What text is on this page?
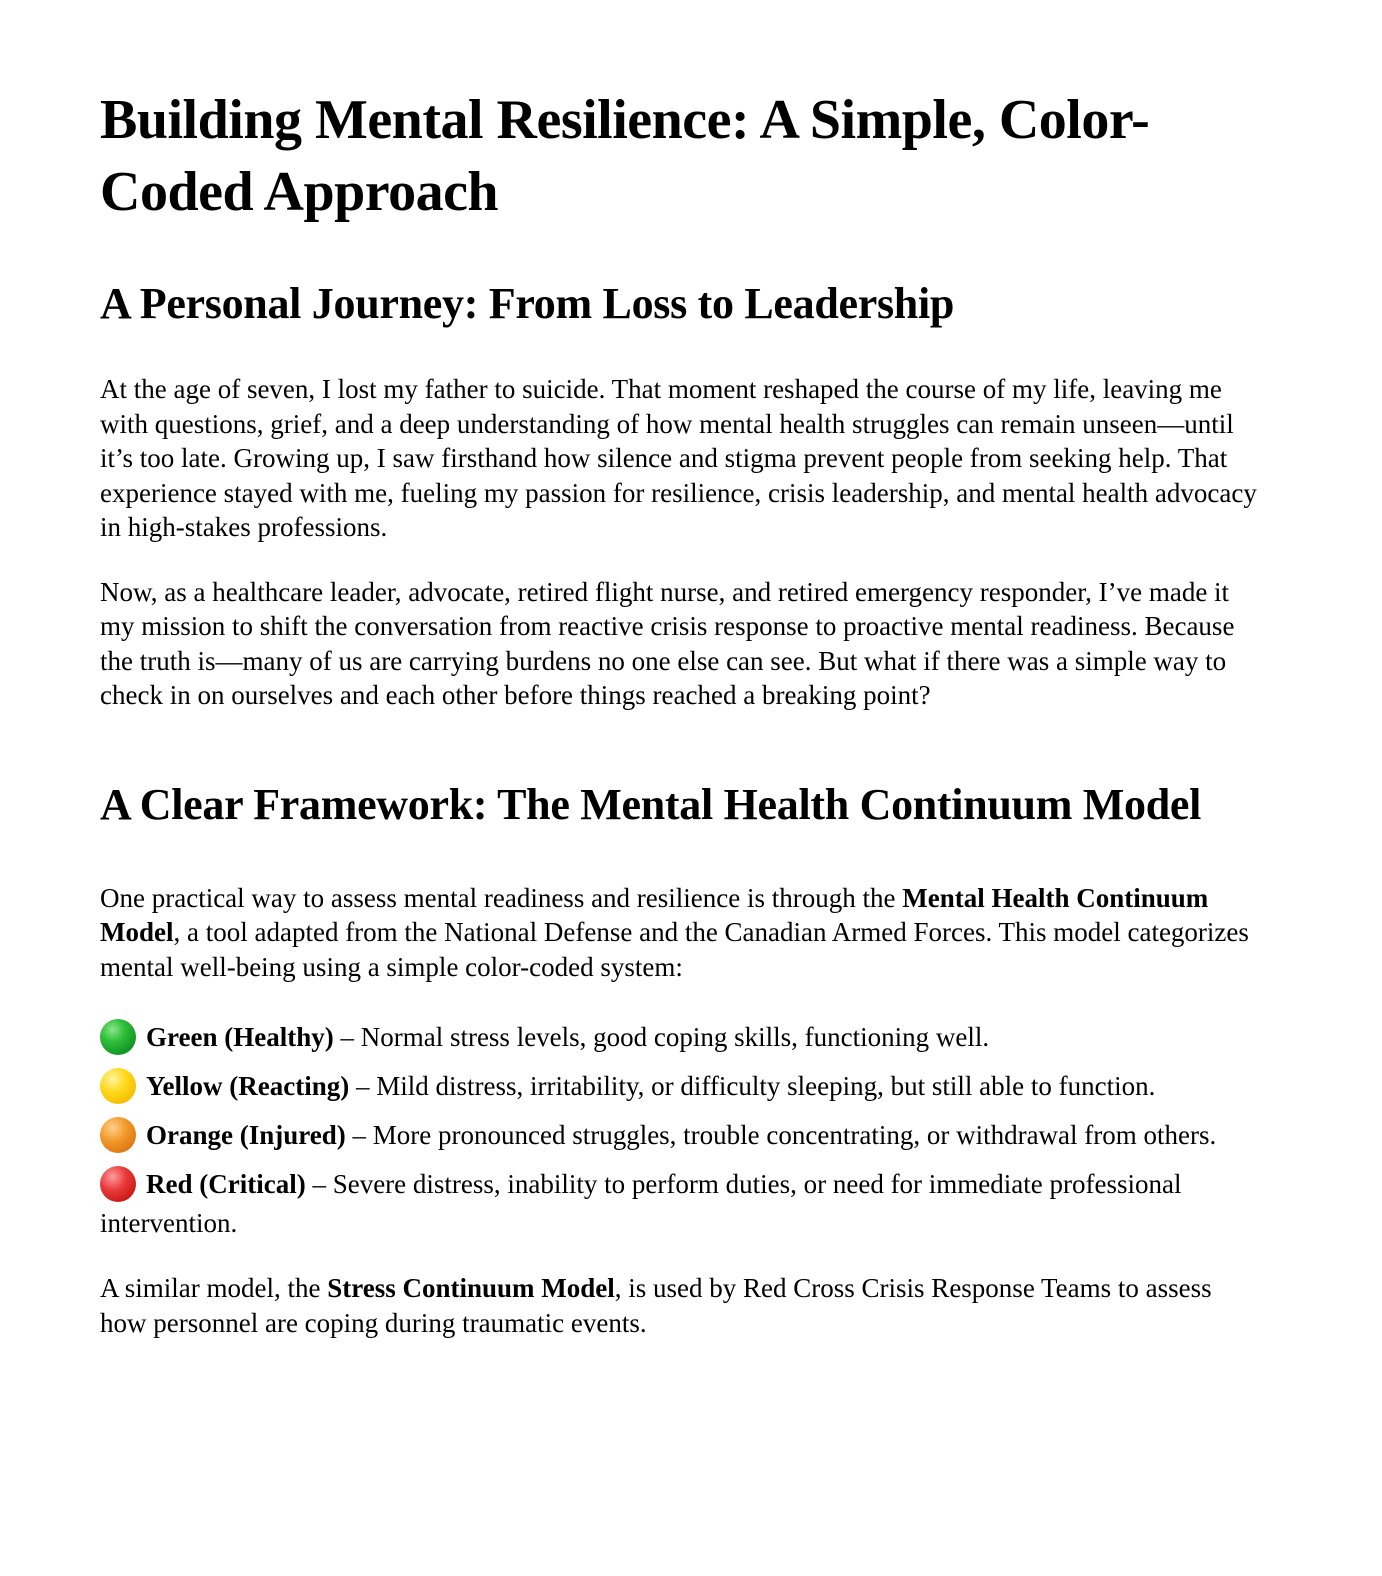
Building Mental Resilience: A Simple, Color-Coded Approach
A Personal Journey: From Loss to Leadership

At the age of seven, I lost my father to suicide. That moment reshaped the course of my life, leaving me with questions, grief, and a deep understanding of how mental health struggles can remain unseen—until it’s too late. Growing up, I saw firsthand how silence and stigma prevent people from seeking help. That experience stayed with me, fueling my passion for resilience, crisis leadership, and mental health advocacy in high-stakes professions.

Now, as a healthcare leader, advocate, retired flight nurse, and retired emergency responder, I’ve made it my mission to shift the conversation from reactive crisis response to proactive mental readiness. Because the truth is—many of us are carrying burdens no one else can see. But what if there was a simple way to check in on ourselves and each other before things reached a breaking point?

A Clear Framework: The Mental Health Continuum Model

One practical way to assess mental readiness and resilience is through the Mental Health Continuum Model, a tool adapted from the National Defense and the Canadian Armed Forces. This model categorizes mental well-being using a simple color-coded system:

Green (Healthy) – Normal stress levels, good coping skills, functioning well.
Yellow (Reacting) – Mild distress, irritability, or difficulty sleeping, but still able to function.
Orange (Injured) – More pronounced struggles, trouble concentrating, or withdrawal from others.
Red (Critical) – Severe distress, inability to perform duties, or need for immediate professional intervention.

A similar model, the Stress Continuum Model, is used by Red Cross Crisis Response Teams to assess how personnel are coping during traumatic events.
